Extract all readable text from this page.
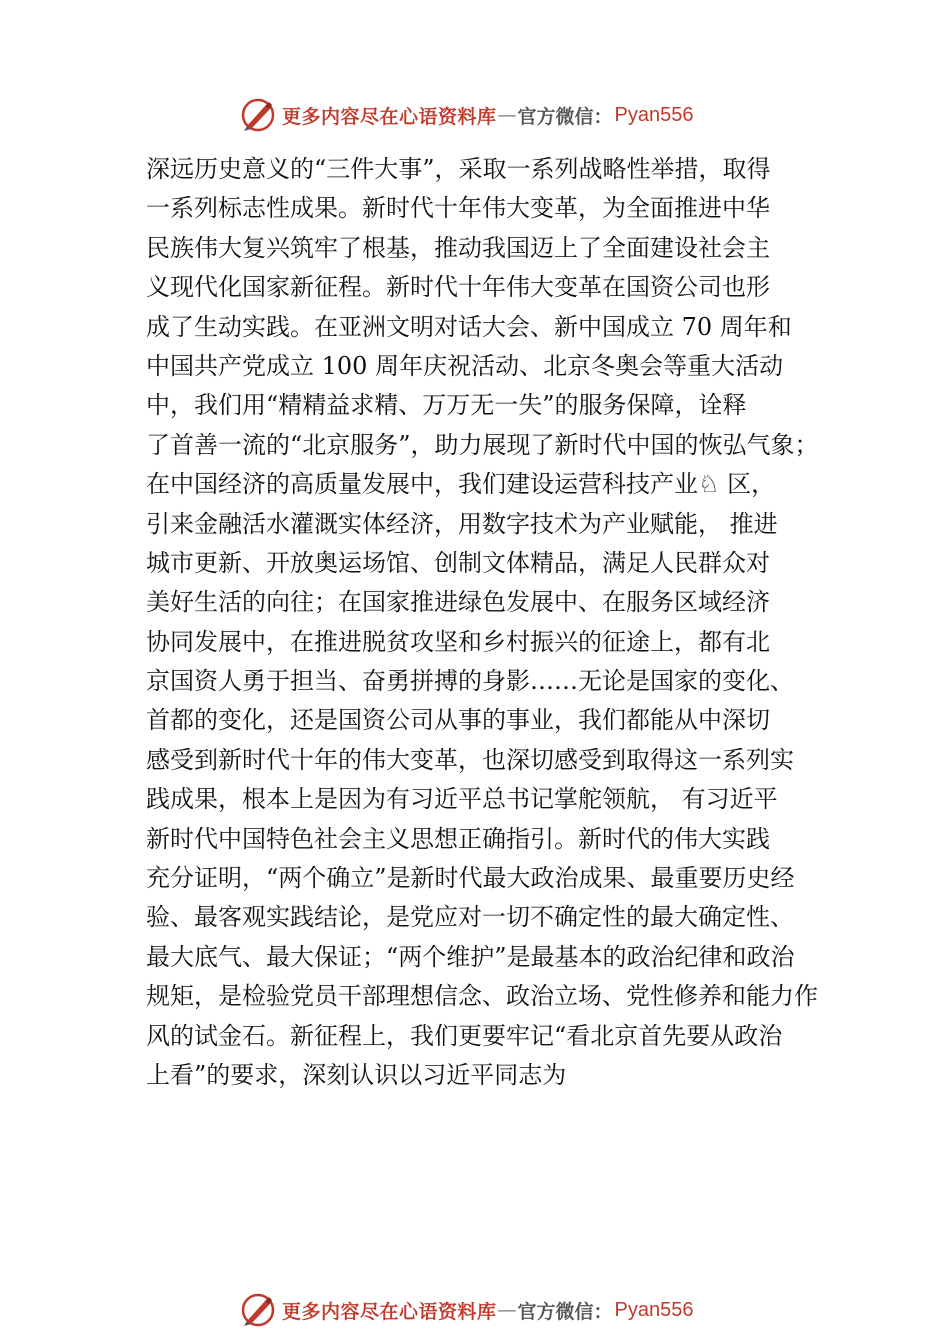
更多内容尽在心语资料库 — 官方微信： Pyan556
深远历史意义的“三件大事”，采取一系列战略性举措，取得
一系列标志性成果。新时代十年伟大变革，为全面推进中华
民族伟大复兴筑牢了根基，推动我国迈上了全面建设社会主
义现代化国家新征程。新时代十年伟大变革在国资公司也形
成了生动实践。在亚洲文明对话大会、新中国成立 70 周年和
中国共产党成立 100 周年庆祝活动、北京冬奥会等重大活动
中，我们用“精精益求精、万万无一失”的服务保障，诠释
了首善一流的“北京服务”，助力展现了新时代中国的恢弘气象；
在中国经济的高质量发展中，我们建设运营科技产业♘ 区，
引来金融活水灌溉实体经济，用数字技术为产业赋能， 推进
城市更新、开放奥运场馆、创制文体精品，满足人民群众对
美好生活的向往；在国家推进绿色发展中、在服务区域经济
协同发展中，在推进脱贫攻坚和乡村振兴的征途上，都有北
京国资人勇于担当、奋勇拼搏的身影……无论是国家的变化、
首都的变化，还是国资公司从事的事业，我们都能从中深切
感受到新时代十年的伟大变革，也深切感受到取得这一系列实
践成果，根本上是因为有习近平总书记掌舵领航， 有习近平
新时代中国特色社会主义思想正确指引。新时代的伟大实践
充分证明，“两个确立”是新时代最大政治成果、最重要历史经
验、最客观实践结论，是党应对一切不确定性的最大确定性、
最大底气、最大保证；“两个维护”是最基本的政治纪律和政治
规矩，是检验党员干部理想信念、政治立场、党性修养和能力作
风的试金石。新征程上，我们更要牢记“看北京首先要从政治
上看”的要求，深刻认识以习近平同志为
更多内容尽在心语资料库 — 官方微信： Pyan556
